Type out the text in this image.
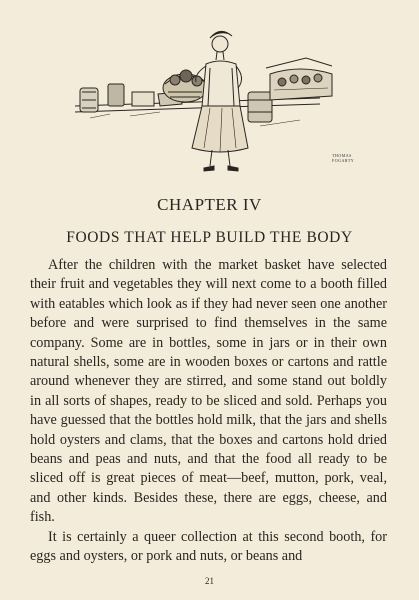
THOMAS FOGARTY
CHAPTER IV
FOODS THAT HELP BUILD THE BODY

After the children with the market basket have selected their fruit and vegetables they will next come to a booth filled with eatables which look as if they had never seen one another before and were surprised to find themselves in the same company. Some are in bottles, some in jars or in their own natural shells, some are in wooden boxes or cartons and rattle around whenever they are stirred, and some stand out boldly in all sorts of shapes, ready to be sliced and sold. Perhaps you have guessed that the bottles hold milk, that the jars and shells hold oysters and clams, that the boxes and cartons hold dried beans and peas and nuts, and that the food all ready to be sliced off is great pieces of meat—beef, mutton, pork, veal, and other kinds. Besides these, there are eggs, cheese, and fish.

It is certainly a queer collection at this second booth, for eggs and oysters, or pork and nuts, or beans and

21
